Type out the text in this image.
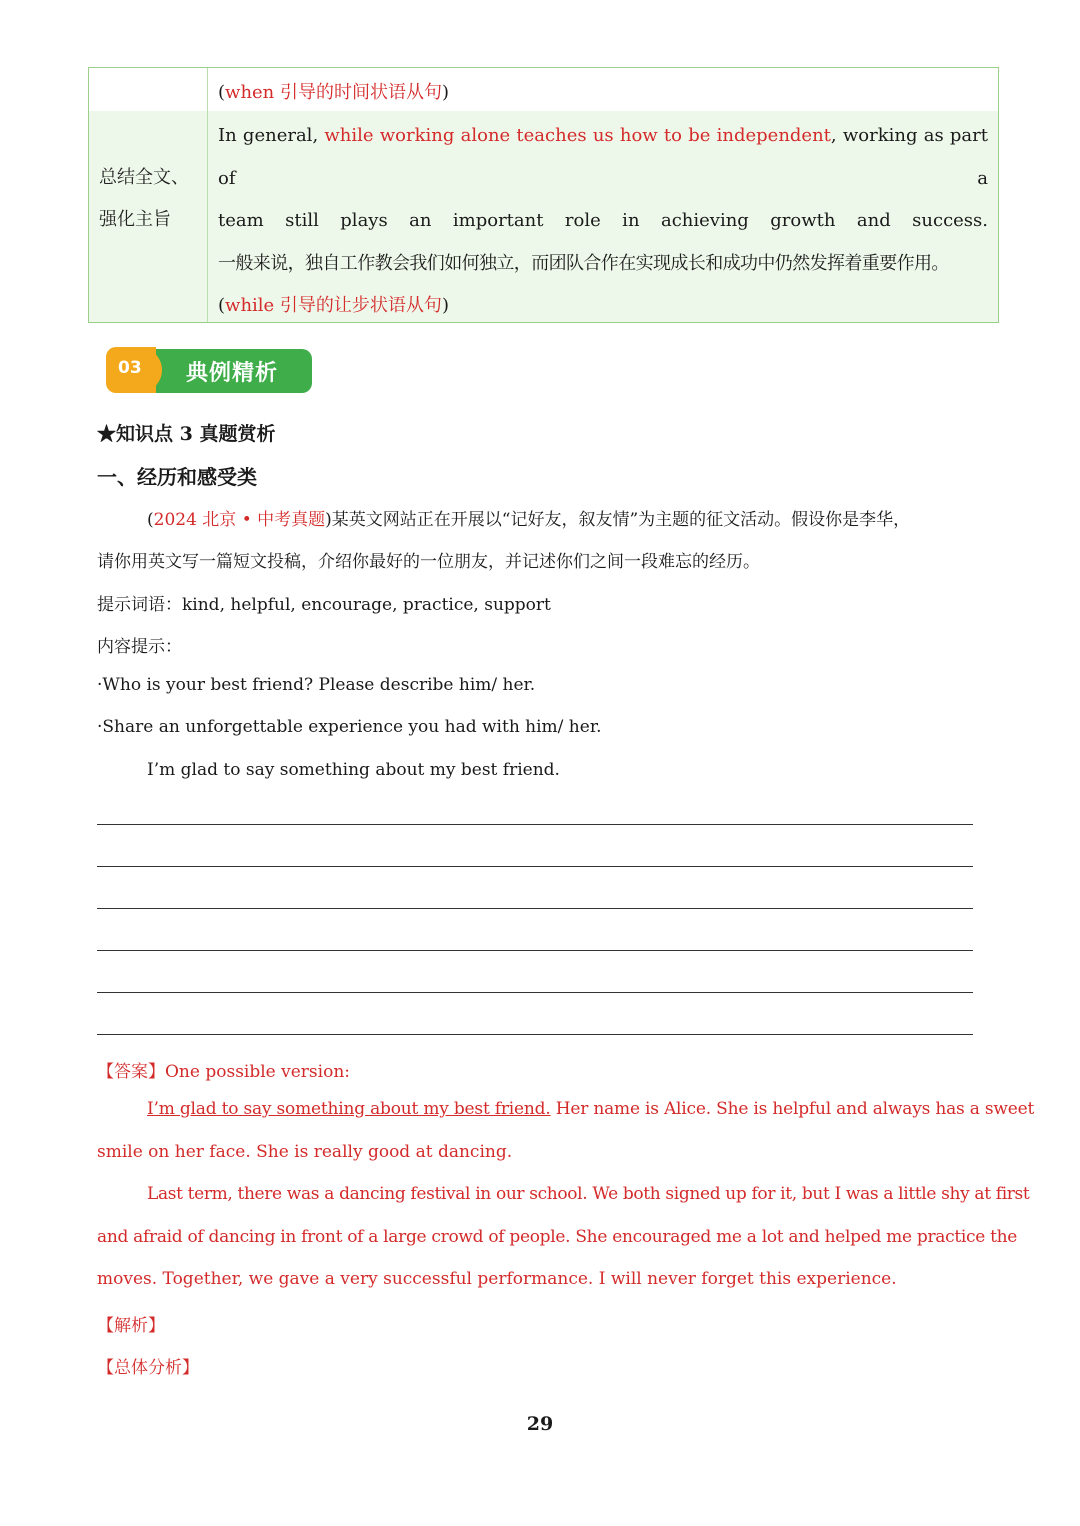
(when 引导的时间状语从句)
总结全文、
强化主旨
In general, while working alone teaches us how to be independent, working as part of a
team still plays an important role in achieving growth and success.
一般来说，独自工作教会我们如何独立，而团队合作在实现成长和成功中仍然发挥着重要作用。
(while 引导的让步状语从句)
03 典例精析
★知识点 3 真题赏析
一、经历和感受类
(2024 北京 • 中考真题)某英文网站正在开展以“记好友，叙友情”为主题的征文活动。假设你是李华，
请你用英文写一篇短文投稿，介绍你最好的一位朋友，并记述你们之间一段难忘的经历。
提示词语：kind, helpful, encourage, practice, support
内容提示：
·Who is your best friend? Please describe him/ her.
·Share an unforgettable experience you had with him/ her.
I’m glad to say something about my best friend.
【答案】One possible version:
I’m glad to say something about my best friend. Her name is Alice. She is helpful and always has a sweet
smile on her face. She is really good at dancing.
Last term, there was a dancing festival in our school. We both signed up for it, but I was a little shy at first
and afraid of dancing in front of a large crowd of people. She encouraged me a lot and helped me practice the
moves. Together, we gave a very successful performance. I will never forget this experience.
【解析】
【总体分析】
29
